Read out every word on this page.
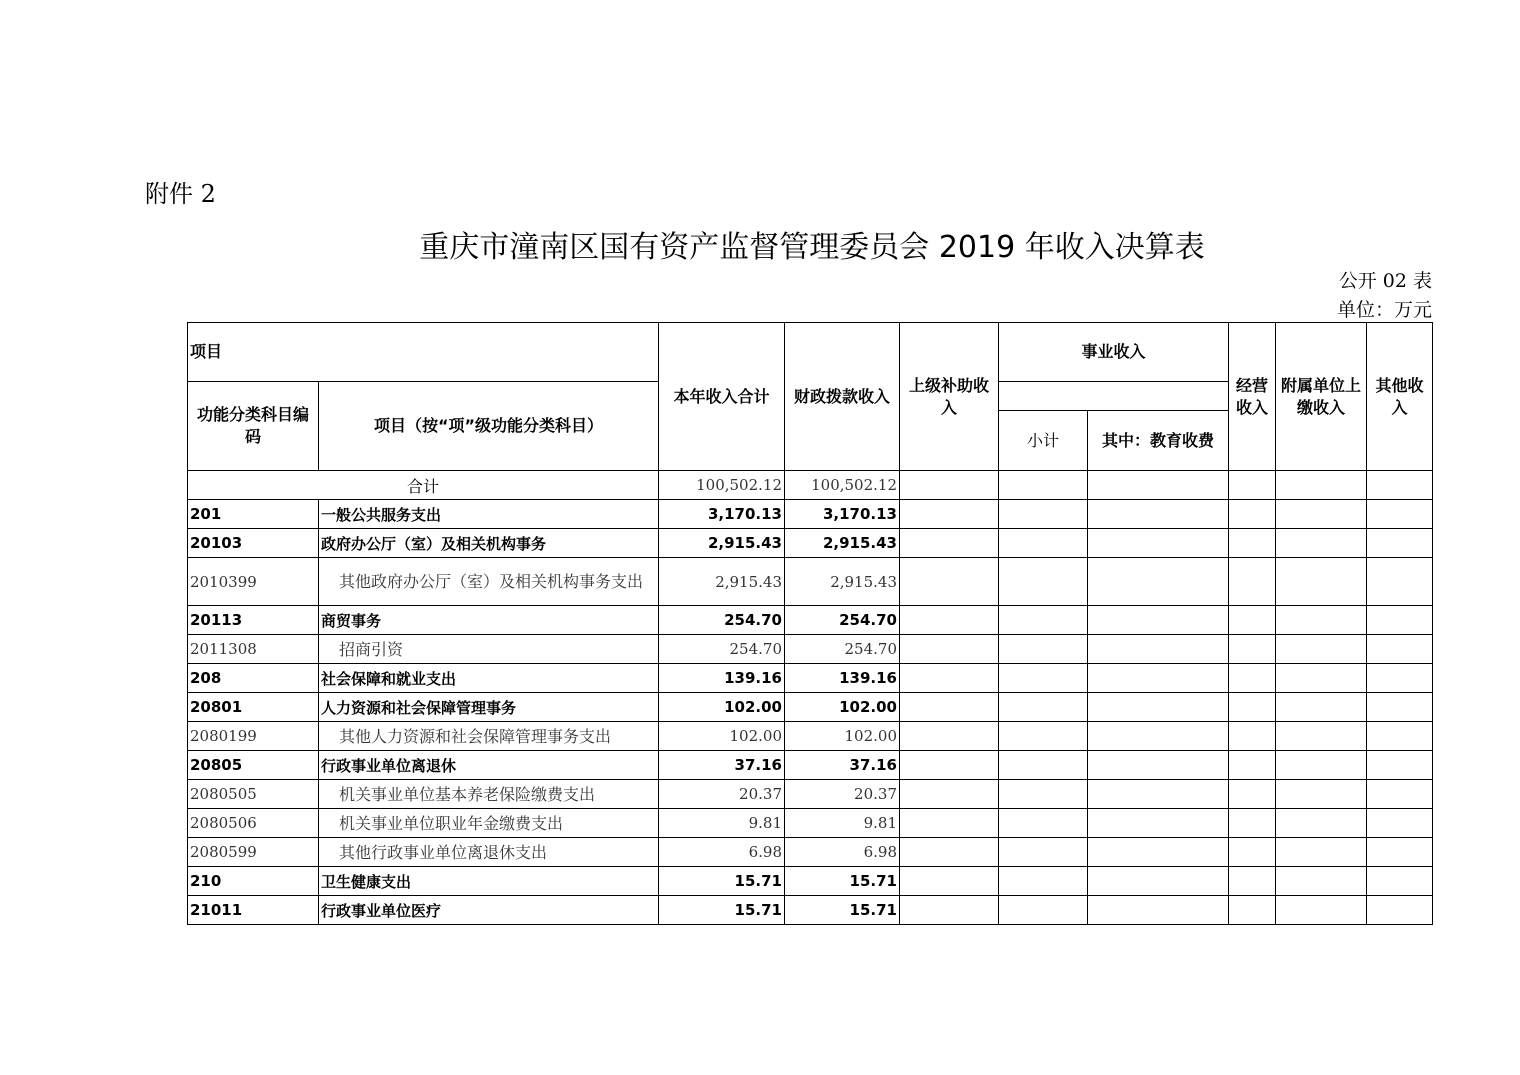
附件 2
重庆市潼南区国有资产监督管理委员会 2019 年收入决算表
公开 02 表
单位：万元
项目		本年收入合计	财政拨款收入	上级补助收入	事业收入		经营收入	附属单位上缴收入	其他收入
功能分类科目编码	项目（按“项”级功能分类科目）								
					小计	其中：教育收费			
合计		100,502.12	100,502.12						
201	一般公共服务支出	3,170.13	3,170.13						
20103	政府办公厅（室）及相关机构事务	2,915.43	2,915.43						
2010399	其他政府办公厅（室）及相关机构事务支出	2,915.43	2,915.43						
20113	商贸事务	254.70	254.70						
2011308	招商引资	254.70	254.70						
208	社会保障和就业支出	139.16	139.16						
20801	人力资源和社会保障管理事务	102.00	102.00						
2080199	其他人力资源和社会保障管理事务支出	102.00	102.00						
20805	行政事业单位离退休	37.16	37.16						
2080505	机关事业单位基本养老保险缴费支出	20.37	20.37						
2080506	机关事业单位职业年金缴费支出	9.81	9.81						
2080599	其他行政事业单位离退休支出	6.98	6.98						
210	卫生健康支出	15.71	15.71						
21011	行政事业单位医疗	15.71	15.71						
